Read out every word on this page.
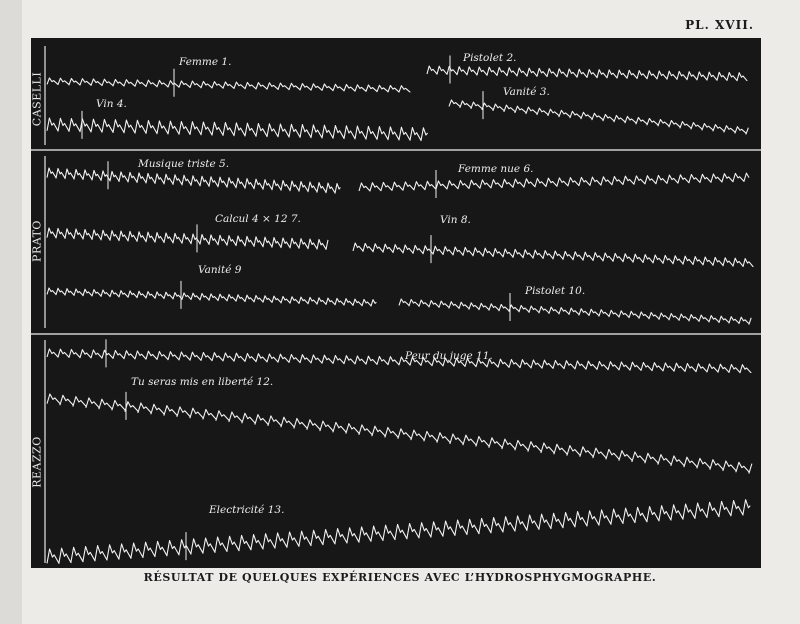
PL. XVII.
CASELLI
PRATO
REAZZO
Femme 1.	Pistolet 2.
Vin 4.
Vanité 3.
Musique triste 5.	Femme nue 6.
Calcul 4 × 12 7.	Vin 8.
Vanité 9
Pistolet 10.
Peur du juge 11.
Tu seras mis en liberté 12.
Electricité 13.
RÉSULTAT DE QUELQUES EXPÉRIENCES AVEC L’HYDROSPHYGMOGRAPHE.
